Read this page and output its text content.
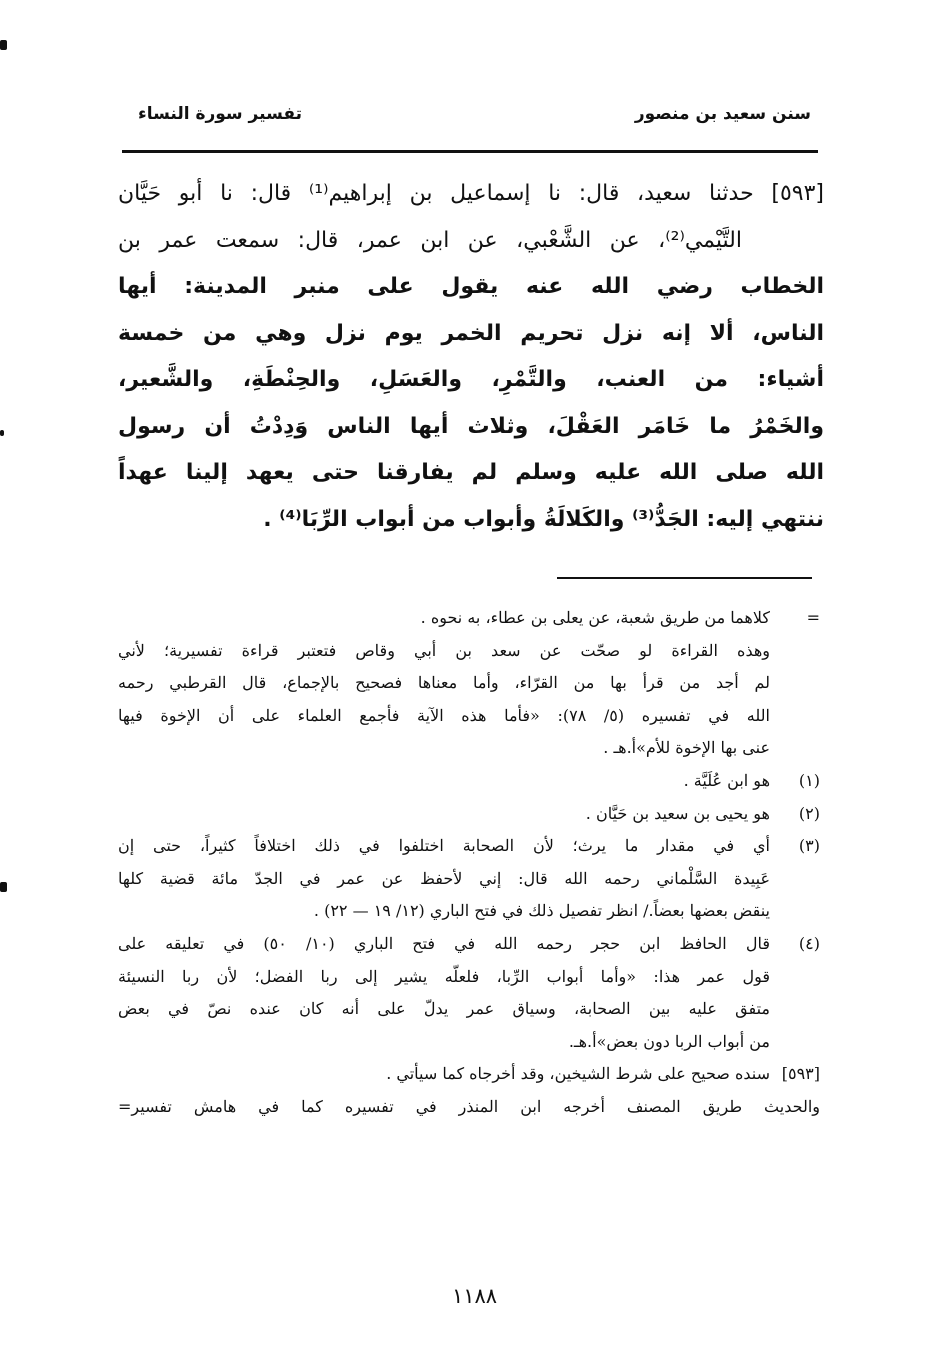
سنن سعيد بن منصور
تفسير سورة النساء
[٥٩٣] حدثنا سعيد، قال: نا إسماعيل بن إبراهيم⁽¹⁾ قال: نا أبو حَيَّان
التَّيْمي⁽²⁾، عن الشَّعْبي، عن ابن عمر، قال: سمعت عمر بن
الخطاب رضي الله عنه يقول على منبر المدينة: أيها
الناس، ألا إنه نزل تحريم الخمر يوم نزل وهي من خمسة
أشياء: من العنب، والتَّمْرِ، والعَسَلِ، والحِنْطَةِ، والشَّعير،
والخَمْرُ ما خَامَر العَقْلَ، وثلاث أيها الناس وَدِدْتُ أن رسول
الله صلى الله عليه وسلم لم يفارقنا حتى يعهد إلينا عهداً
ننتهي إليه: الجَدُّ⁽³⁾ والكَلالَةُ وأبواب من أبواب الرِّبَا⁽⁴⁾ .
=
كلاهما من طريق شعبة، عن يعلى بن عطاء، به نحوه .
وهذه القراءة لو صحّت عن سعد بن أبي وقاص فتعتبر قراءة تفسيرية؛ لأني
لم أجد من قرأ بها من القرّاء، وأما معناها فصحيح بالإجماع، قال القرطبي رحمه
الله في تفسيره (٥/ ٧٨): «فأما هذه الآية فأجمع العلماء على أن الإخوة فيها
عنى بها الإخوة للأم»أ.هـ .
(١)
هو ابن عُلَيَّة .
(٢)
هو يحيى بن سعيد بن حَيَّان .
(٣)
أي في مقدار ما يرث؛ لأن الصحابة اختلفوا في ذلك اختلافاً كثيراً، حتى إن
عَبِيدة السَّلْماني رحمه الله قال: إني لأحفظ عن عمر في الجدّ مائة قضية كلها
ينقض بعضها بعضاً./ انظر تفصيل ذلك في فتح الباري (١٢/ ١٩ — ٢٢) .
(٤)
قال الحافظ ابن حجر رحمه الله في فتح الباري (١٠/ ٥٠) في تعليقه على
قول عمر هذا: «وأما أبواب الرِّبا، فلعلّه يشير إلى ربا الفضل؛ لأن ربا النسيئة
متفق عليه بين الصحابة، وسياق عمر يدلّ على أنه كان عنده نصّ في بعض
من أبواب الربا دون بعض»أ.هـ.
[٥٩٣]
سنده صحيح على شرط الشيخين، وقد أخرجاه كما سيأتي .
والحديث طريق المصنف أخرجه ابن المنذر في تفسيره كما في هامش تفسير=
١١٨٨
